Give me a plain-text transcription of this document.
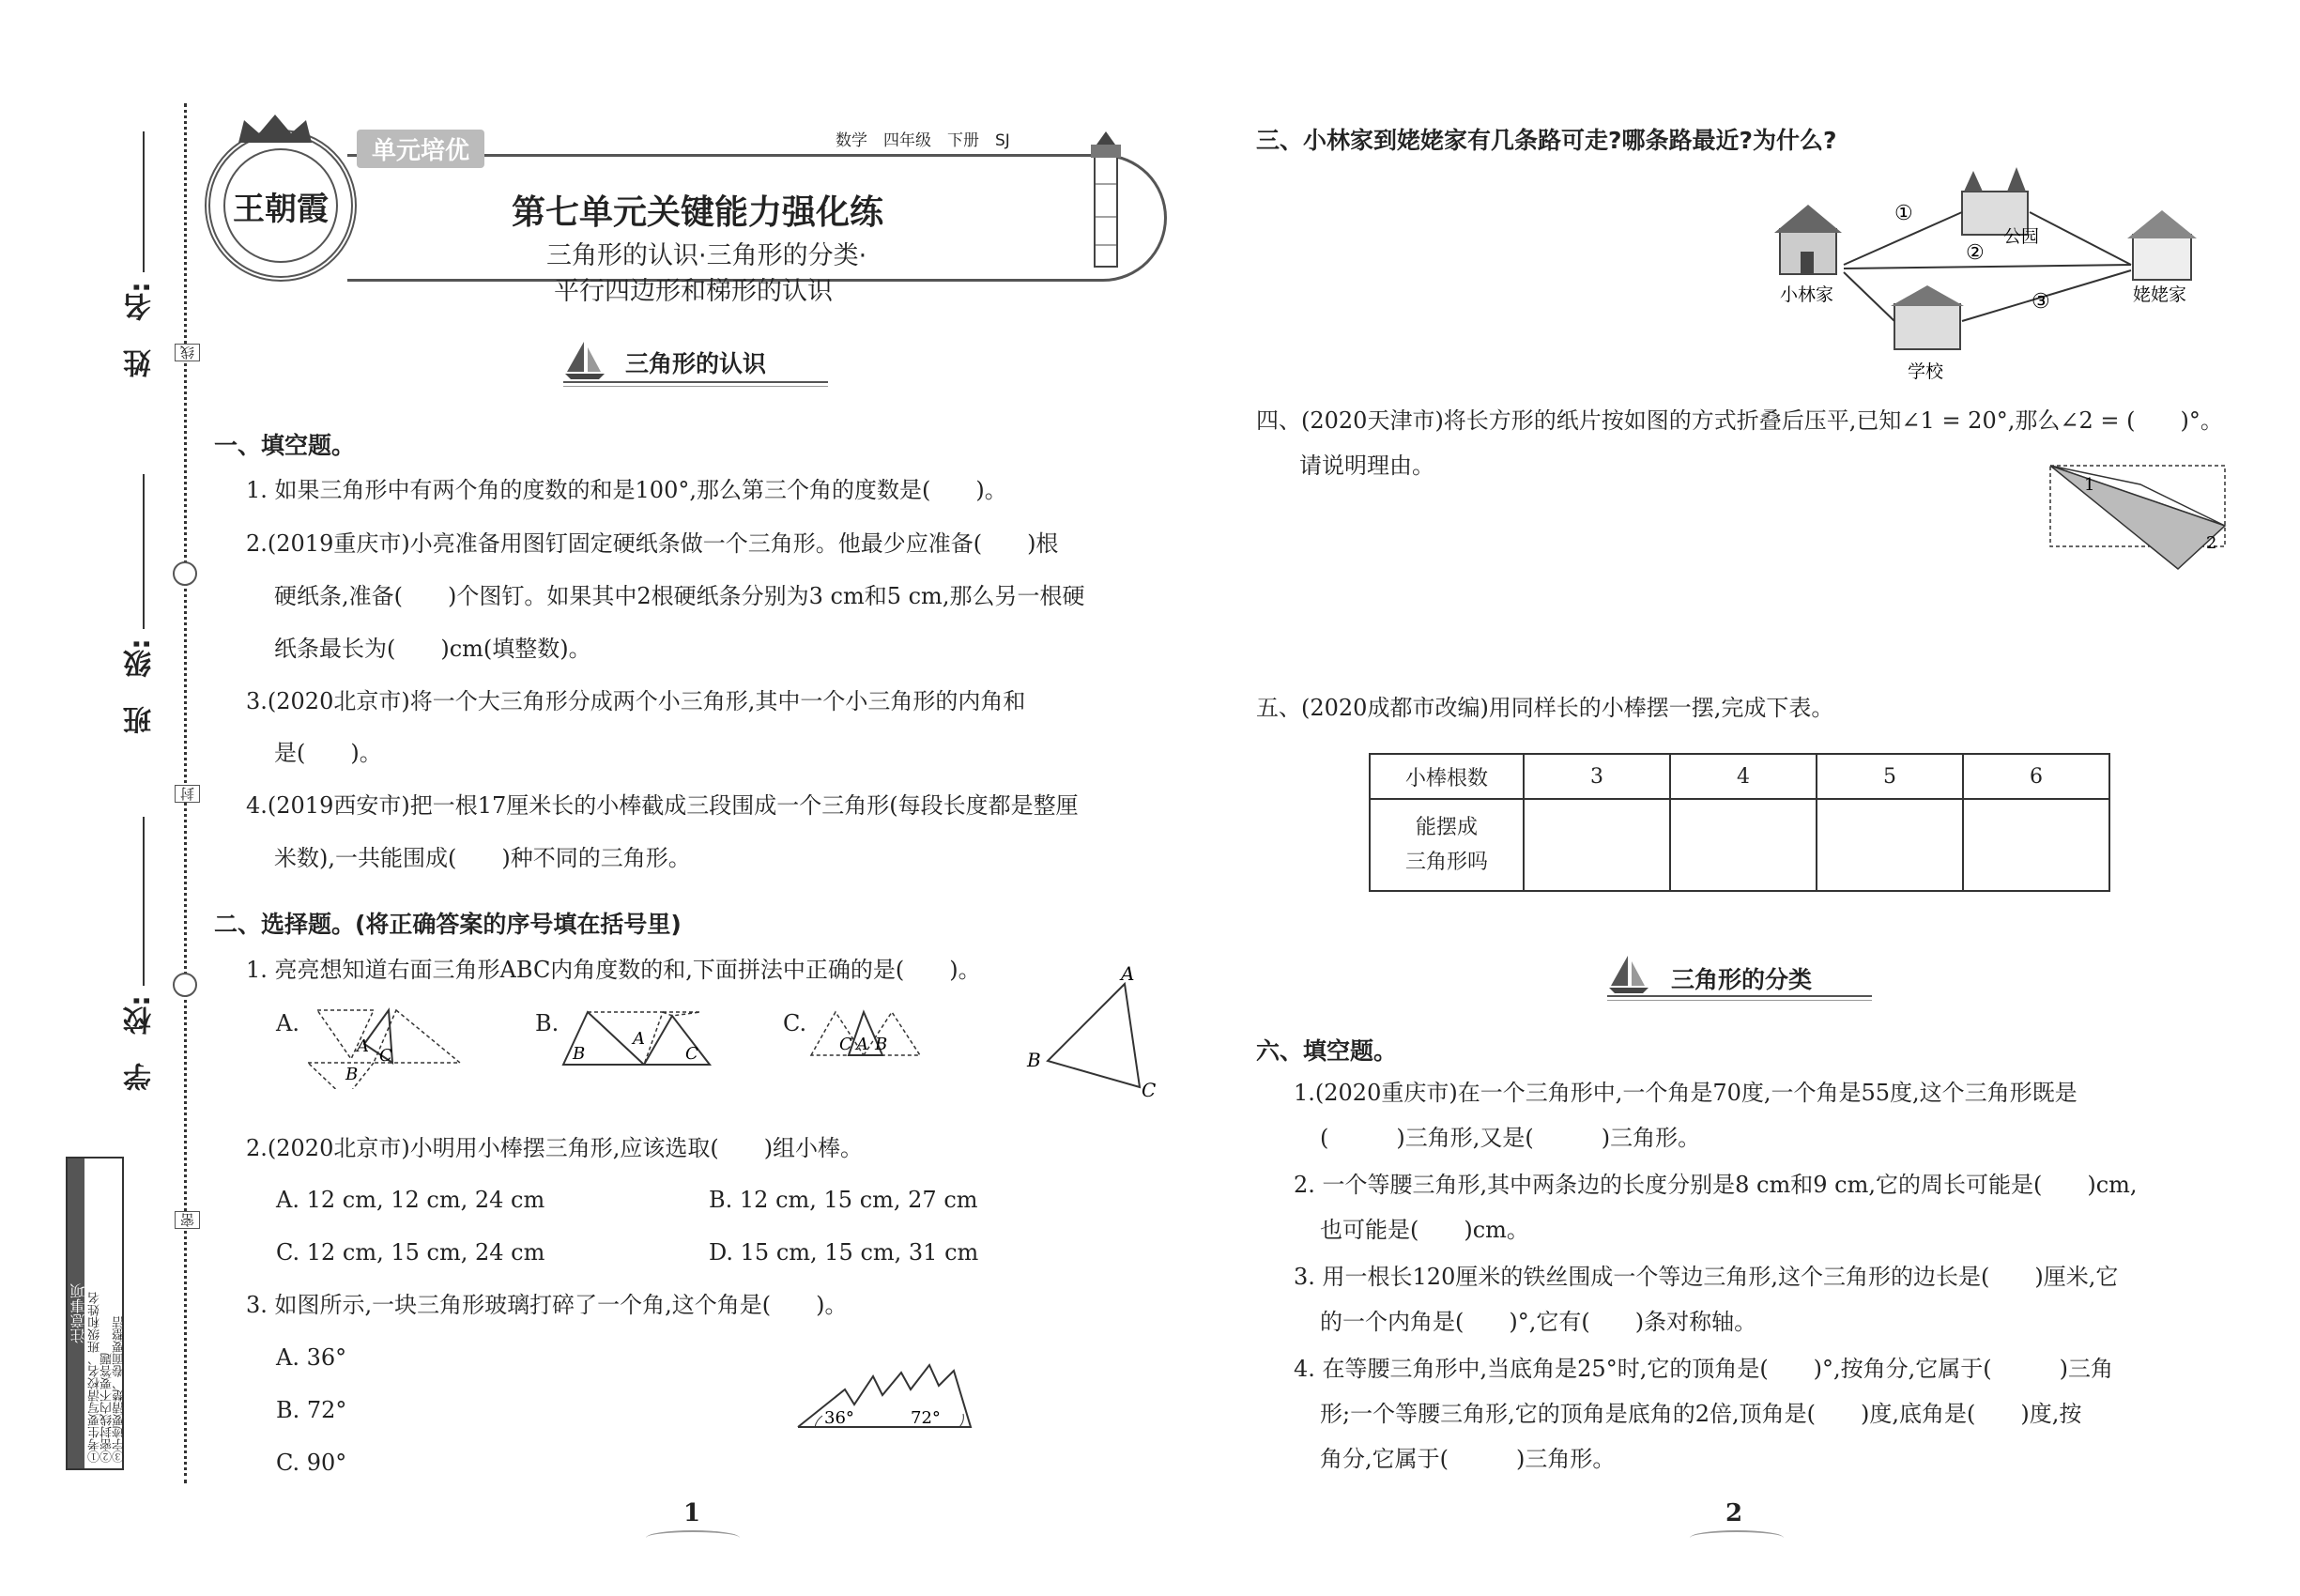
线
封
密
姓　名:
班　级:
学　校:
注意事项 ①考生要写清校名、班级和姓名
②密封线内不要答题
③字迹要清楚、卷面要整洁
王朝霞
单元培优	数学　四年级　下册　SJ
第七单元关键能力强化练
三角形的认识·三角形的分类·
平行四边形和梯形的认识
三角形的认识
一、填空题。
1. 如果三角形中有两个角的度数的和是100°,那么第三个角的度数是(　　)。
2.(2019重庆市)小亮准备用图钉固定硬纸条做一个三角形。他最少应准备(　　)根
硬纸条,准备(　　)个图钉。如果其中2根硬纸条分别为3 cm和5 cm,那么另一根硬
纸条最长为(　　)cm(填整数)。
3.(2020北京市)将一个大三角形分成两个小三角形,其中一个小三角形的内角和
是(　　)。
4.(2019西安市)把一根17厘米长的小棒截成三段围成一个三角形(每段长度都是整厘
米数),一共能围成(　　)种不同的三角形。
二、选择题。(将正确答案的序号填在括号里)
1. 亮亮想知道右面三角形ABC内角度数的和,下面拼法中正确的是(　　)。
A.
A
B
C
B.
B
A
C
C.
C A B
A
B
C
2.(2020北京市)小明用小棒摆三角形,应该选取(　　)组小棒。
A. 12 cm, 12 cm, 24 cm	B. 12 cm, 15 cm, 27 cm
C. 12 cm, 15 cm, 24 cm	D. 15 cm, 15 cm, 31 cm
3. 如图所示,一块三角形玻璃打碎了一个角,这个角是(　　)。
A. 36°
B. 72°
C. 90°
36°	72°
1
三、小林家到姥姥家有几条路可走?哪条路最近?为什么?
①
②
③
公园
小林家
学校
姥姥家
四、(2020天津市)将长方形的纸片按如图的方式折叠后压平,已知∠1 = 20°,那么∠2 = (　　)°。
请说明理由。
1
2
五、(2020成都市改编)用同样长的小棒摆一摆,完成下表。
小棒根数	3	4	5	6
能摆成
三角形吗				
三角形的分类
六、填空题。
1.(2020重庆市)在一个三角形中,一个角是70度,一个角是55度,这个三角形既是
(　　　)三角形,又是(　　　)三角形。
2. 一个等腰三角形,其中两条边的长度分别是8 cm和9 cm,它的周长可能是(　　)cm,
也可能是(　　)cm。
3. 用一根长120厘米的铁丝围成一个等边三角形,这个三角形的边长是(　　)厘米,它
的一个内角是(　　)°,它有(　　)条对称轴。
4. 在等腰三角形中,当底角是25°时,它的顶角是(　　)°,按角分,它属于(　　　)三角
形;一个等腰三角形,它的顶角是底角的2倍,顶角是(　　)度,底角是(　　)度,按
角分,它属于(　　　)三角形。
2
